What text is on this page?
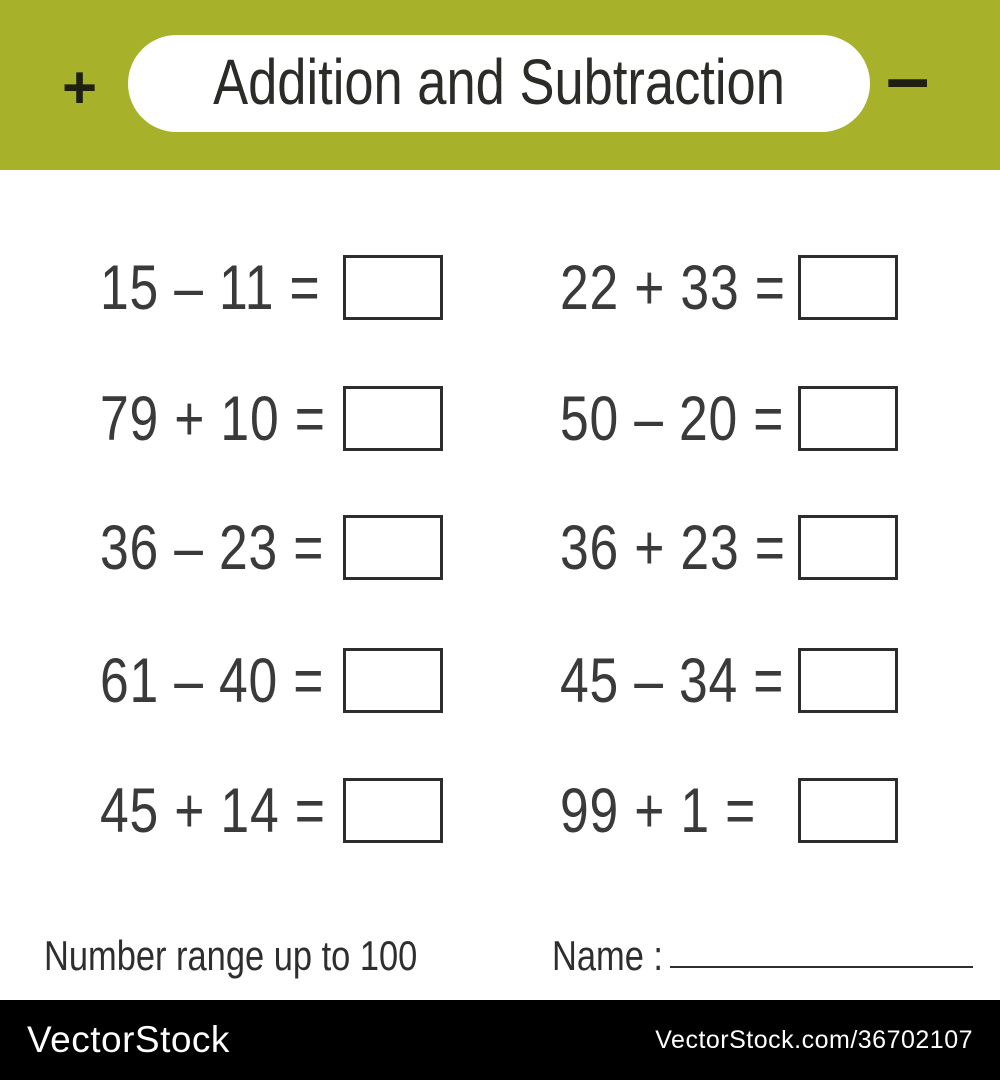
+ Addition and Subtraction –
15 – 11 =
79 + 10 =
36 – 23 =
61 – 40 =
45 + 14 =
22 + 33 =
50 – 20 =
36 + 23 =
45 – 34 =
99 + 1 =
Number range up to 100	Name :
VectorStock	VectorStock.com/36702107
